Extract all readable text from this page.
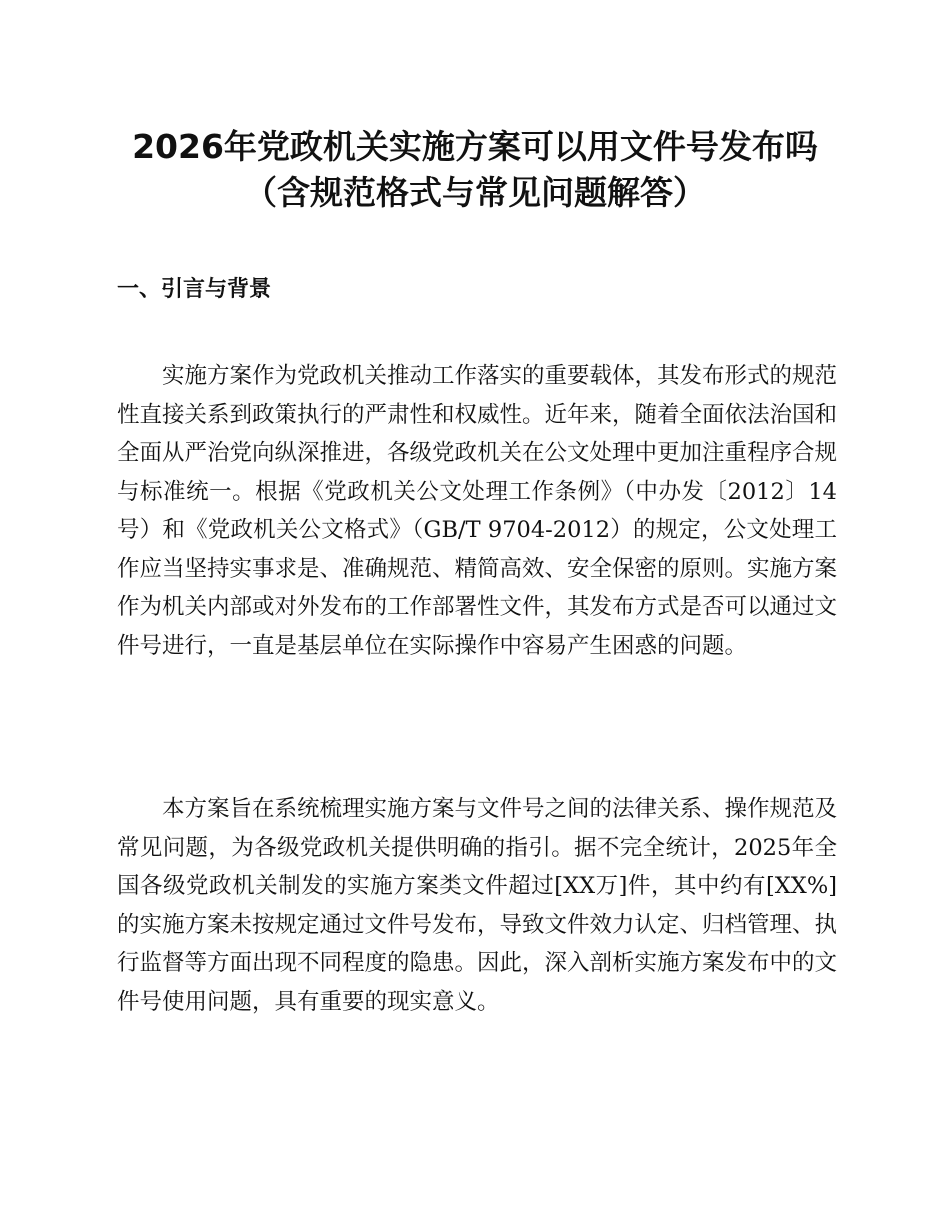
2026年党政机关实施方案可以用文件号发布吗
（含规范格式与常见问题解答）
一、引言与背景

实施方案作为党政机关推动工作落实的重要载体，其发布形式的规范性直接关系到政策执行的严肃性和权威性。近年来，随着全面依法治国和全面从严治党向纵深推进，各级党政机关在公文处理中更加注重程序合规与标准统一。根据《党政机关公文处理工作条例》（中办发〔2012〕14号）和《党政机关公文格式》（GB/T 9704-2012）的规定，公文处理工作应当坚持实事求是、准确规范、精简高效、安全保密的原则。实施方案作为机关内部或对外发布的工作部署性文件，其发布方式是否可以通过文件号进行，一直是基层单位在实际操作中容易产生困惑的问题。

本方案旨在系统梳理实施方案与文件号之间的法律关系、操作规范及常见问题，为各级党政机关提供明确的指引。据不完全统计，2025年全国各级党政机关制发的实施方案类文件超过[XX万]件，其中约有[XX%]的实施方案未按规定通过文件号发布，导致文件效力认定、归档管理、执行监督等方面出现不同程度的隐患。因此，深入剖析实施方案发布中的文件号使用问题，具有重要的现实意义。
